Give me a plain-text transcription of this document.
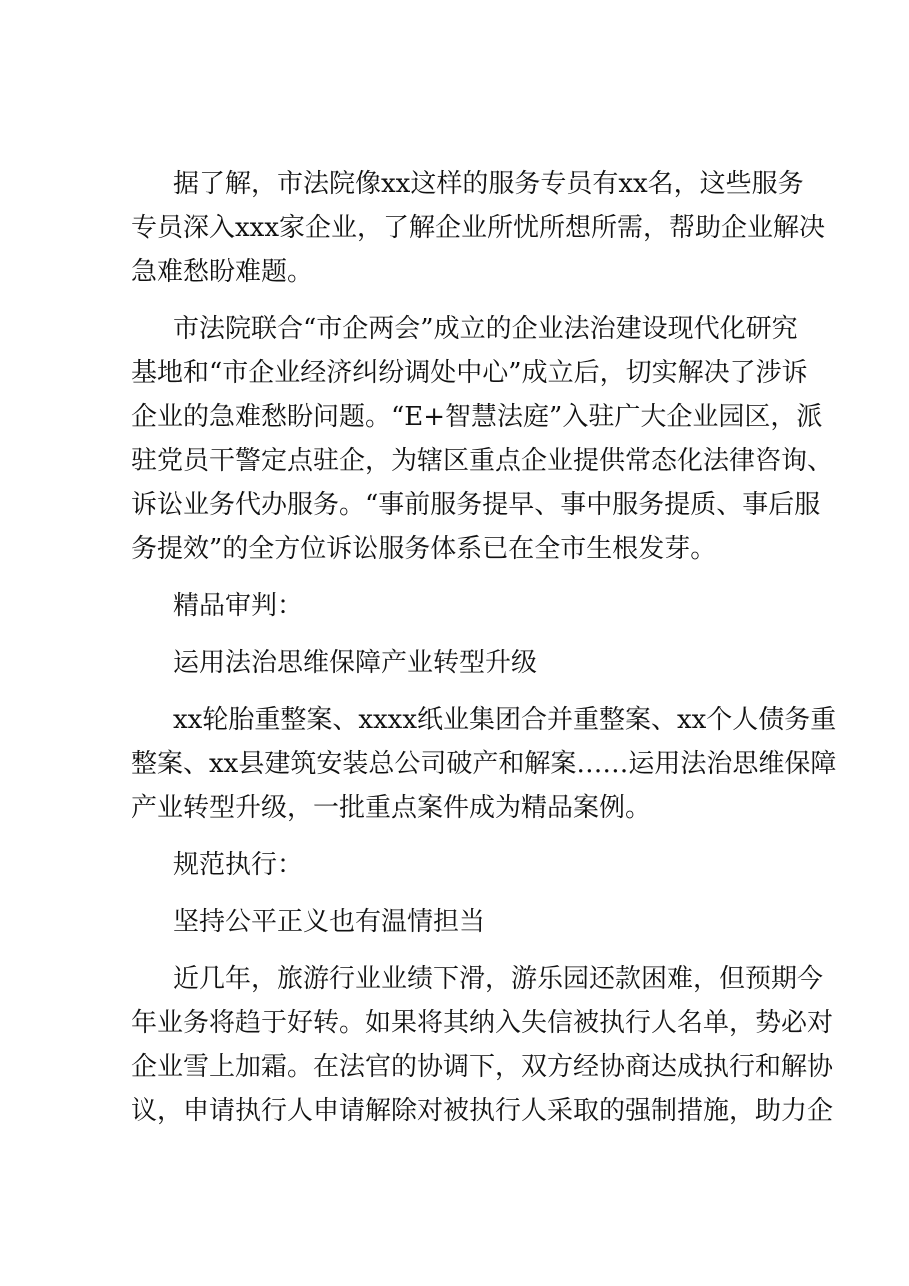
据了解，市法院像xx这样的服务专员有xx名，这些服务
专员深入xxx家企业，了解企业所忧所想所需，帮助企业解决
急难愁盼难题。
市法院联合“市企两会”成立的企业法治建设现代化研究
基地和“市企业经济纠纷调处中心”成立后，切实解决了涉诉
企业的急难愁盼问题。“E+智慧法庭”入驻广大企业园区，派
驻党员干警定点驻企，为辖区重点企业提供常态化法律咨询、
诉讼业务代办服务。“事前服务提早、事中服务提质、事后服
务提效”的全方位诉讼服务体系已在全市生根发芽。
精品审判：
运用法治思维保障产业转型升级
xx轮胎重整案、xxxx纸业集团合并重整案、xx个人债务重
整案、xx县建筑安装总公司破产和解案……运用法治思维保障
产业转型升级，一批重点案件成为精品案例。
规范执行：
坚持公平正义也有温情担当
近几年，旅游行业业绩下滑，游乐园还款困难，但预期今
年业务将趋于好转。如果将其纳入失信被执行人名单，势必对
企业雪上加霜。在法官的协调下，双方经协商达成执行和解协
议，申请执行人申请解除对被执行人采取的强制措施，助力企
